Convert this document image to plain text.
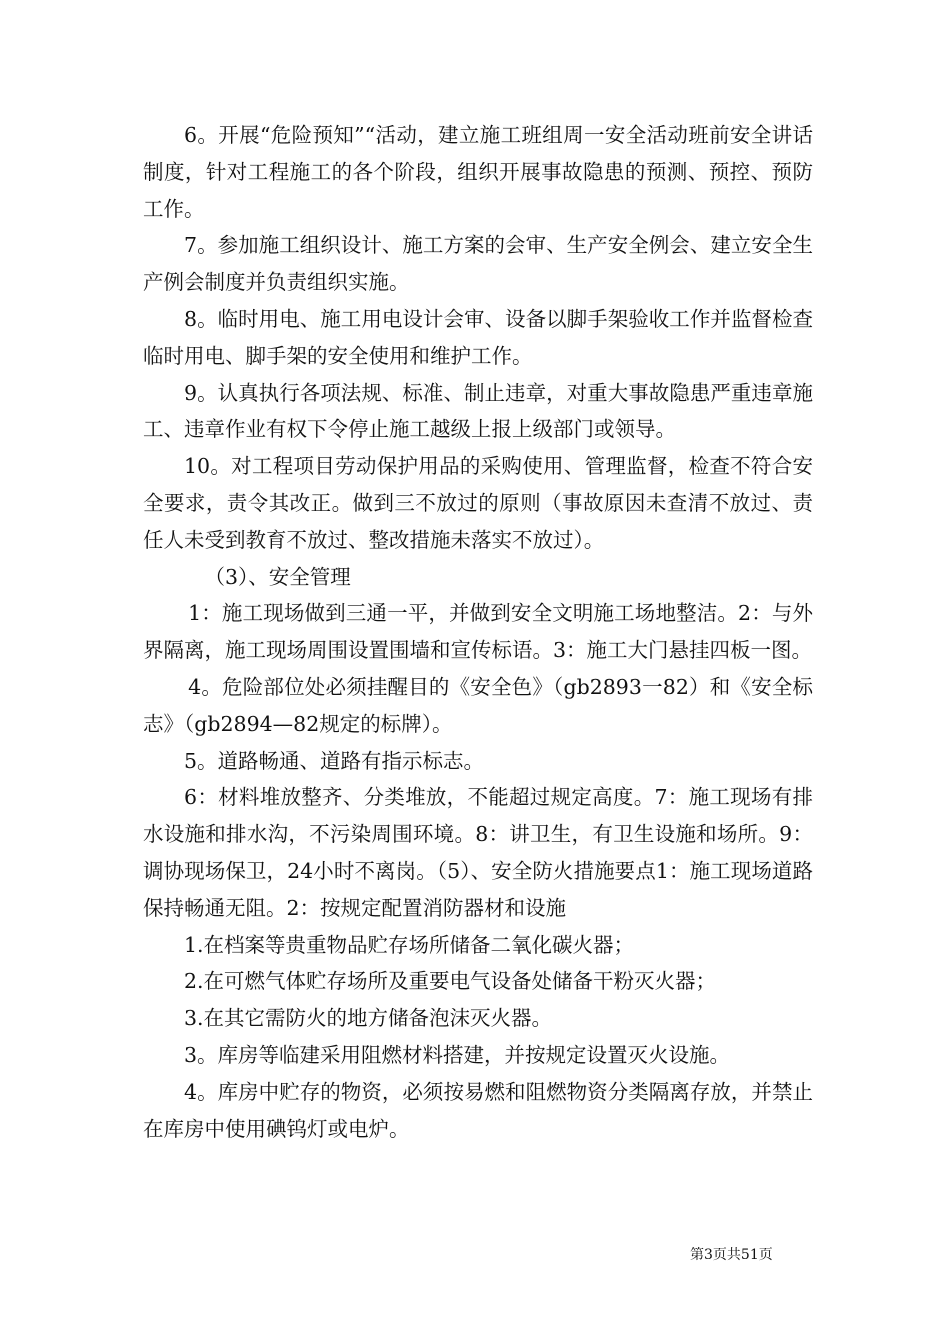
6。开展“危险预知”“活动，建立施工班组周一安全活动班前安全讲话制度，针对工程施工的各个阶段，组织开展事故隐患的预测、预控、预防工作。

7。参加施工组织设计、施工方案的会审、生产安全例会、建立安全生产例会制度并负责组织实施。

8。临时用电、施工用电设计会审、设备以脚手架验收工作并监督检查临时用电、脚手架的安全使用和维护工作。

9。认真执行各项法规、标准、制止违章，对重大事故隐患严重违章施工、违章作业有权下令停止施工越级上报上级部门或领导。

10。对工程项目劳动保护用品的采购使用、管理监督，检查不符合安全要求，责令其改正。做到三不放过的原则（事故原因未查清不放过、责任人未受到教育不放过、整改措施未落实不放过）。

（3）、安全管理

1：施工现场做到三通一平，并做到安全文明施工场地整洁。2：与外界隔离，施工现场周围设置围墙和宣传标语。3：施工大门悬挂四板一图。

4。危险部位处必须挂醒目的《安全色》（gb2893一82）和《安全标志》（gb2894—82规定的标牌）。

5。道路畅通、道路有指示标志。

6：材料堆放整齐、分类堆放，不能超过规定高度。7：施工现场有排水设施和排水沟，不污染周围环境。8：讲卫生，有卫生设施和场所。9：调协现场保卫，24小时不离岗。（5）、安全防火措施要点1：施工现场道路保持畅通无阻。2：按规定配置消防器材和设施

1.在档案等贵重物品贮存场所储备二氧化碳火器；

2.在可燃气体贮存场所及重要电气设备处储备干粉灭火器；

3.在其它需防火的地方储备泡沫灭火器。

3。库房等临建采用阻燃材料搭建，并按规定设置灭火设施。

4。库房中贮存的物资，必须按易燃和阻燃物资分类隔离存放，并禁止在库房中使用碘钨灯或电炉。

第3页共51页
